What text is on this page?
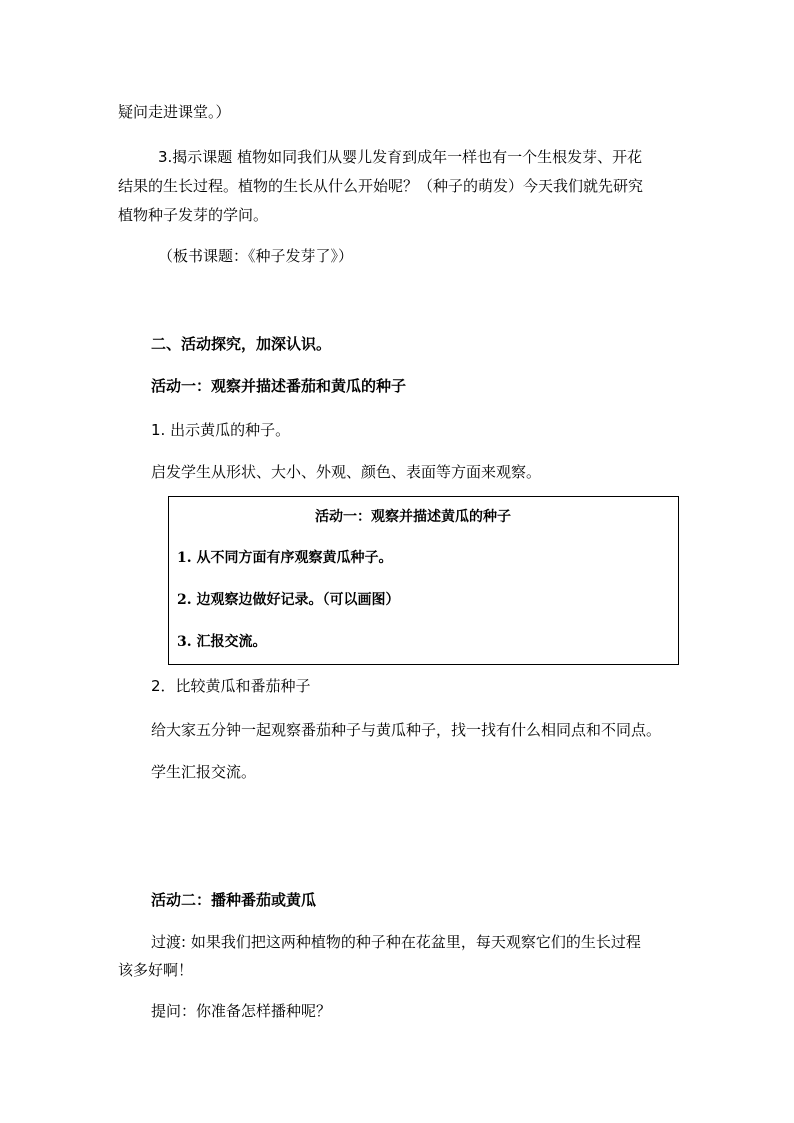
疑问走进课堂。）
3.揭示课题 植物如同我们从婴儿发育到成年一样也有一个生根发芽、开花
结果的生长过程。植物的生长从什么开始呢？（种子的萌发）今天我们就先研究
植物种子发芽的学问。
（板书课题：《种子发芽了》）
二、活动探究，加深认识。
活动一：观察并描述番茄和黄瓜的种子
1. 出示黄瓜的种子。
启发学生从形状、大小、外观、颜色、表面等方面来观察。
活动一：观察并描述黄瓜的种子
1. 从不同方面有序观察黄瓜种子。
2. 边观察边做好记录。（可以画图）
3. 汇报交流。
2．比较黄瓜和番茄种子
给大家五分钟一起观察番茄种子与黄瓜种子，找一找有什么相同点和不同点。
学生汇报交流。
活动二：播种番茄或黄瓜
过渡: 如果我们把这两种植物的种子种在花盆里，每天观察它们的生长过程
该多好啊！
提问：你准备怎样播种呢？
